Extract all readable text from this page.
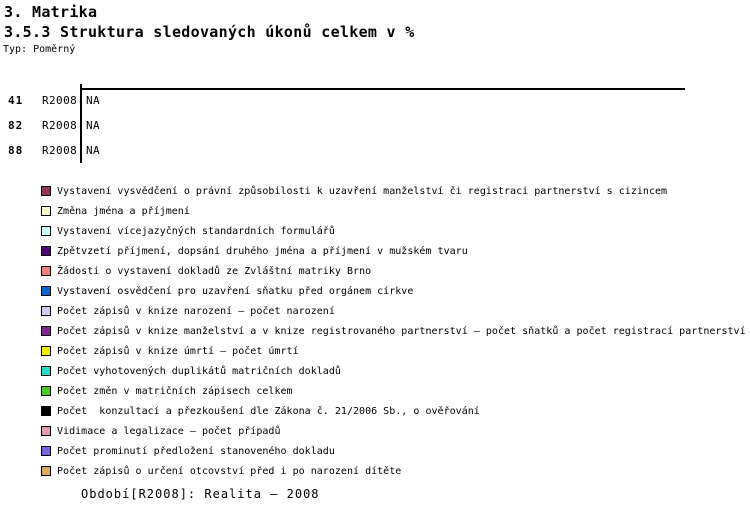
3. Matrika
3.5.3 Struktura sledovaných úkonů celkem v %
Typ: Poměrný
41 R2008 NA
82 R2008 NA
88 R2008 NA
Vystavení vysvědčení o právní způsobilosti k uzavření manželství či registraci partnerství s cizincem
Změna jména a příjmení
Vystavení vícejazyčných standardních formulářů
Zpětvzetí příjmení, dopsání druhého jména a příjmení v mužském tvaru
Žádosti o vystavení dokladů ze Zvláštní matriky Brno
Vystavení osvědčení pro uzavření sňatku před orgánem církve
Počet zápisů v knize narození – počet narození
Počet zápisů v knize manželství a v knize registrovaného partnerství – počet sňatků a počet registrací partnerství
Počet zápisů v knize úmrtí – počet úmrtí
Počet vyhotovených duplikátů matričních dokladů
Počet změn v matričních zápisech celkem
Počet  konzultací a přezkoušení dle Zákona č. 21/2006 Sb., o ověřování
Vidimace a legalizace – počet případů
Počet prominutí předložení stanoveného dokladu
Počet zápisů o určení otcovství před i po narození dítěte
Období[R2008]: Realita – 2008
